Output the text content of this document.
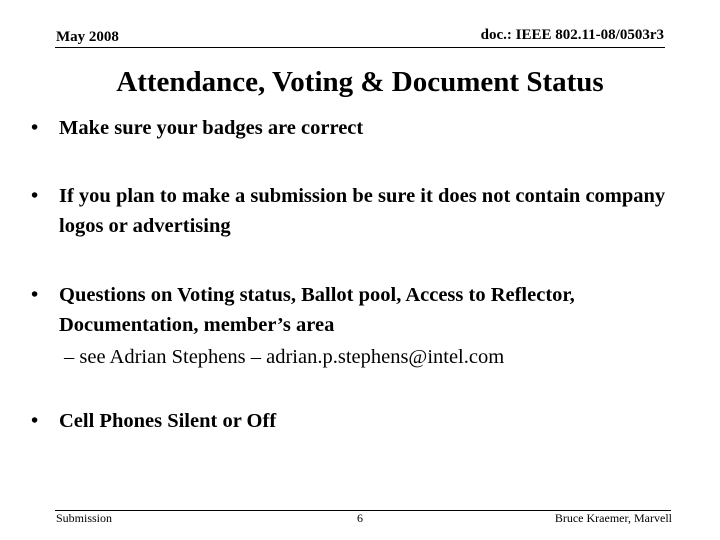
May 2008	doc.: IEEE 802.11-08/0503r3
Attendance, Voting & Document Status
• Make sure your badges are correct
• If you plan to make a submission be sure it does not contain company logos or advertising
• Questions on Voting status, Ballot pool, Access to Reflector, Documentation, member’s area
– see Adrian Stephens – adrian.p.stephens@intel.com
• Cell Phones Silent or Off
Submission	6	Bruce Kraemer, Marvell
